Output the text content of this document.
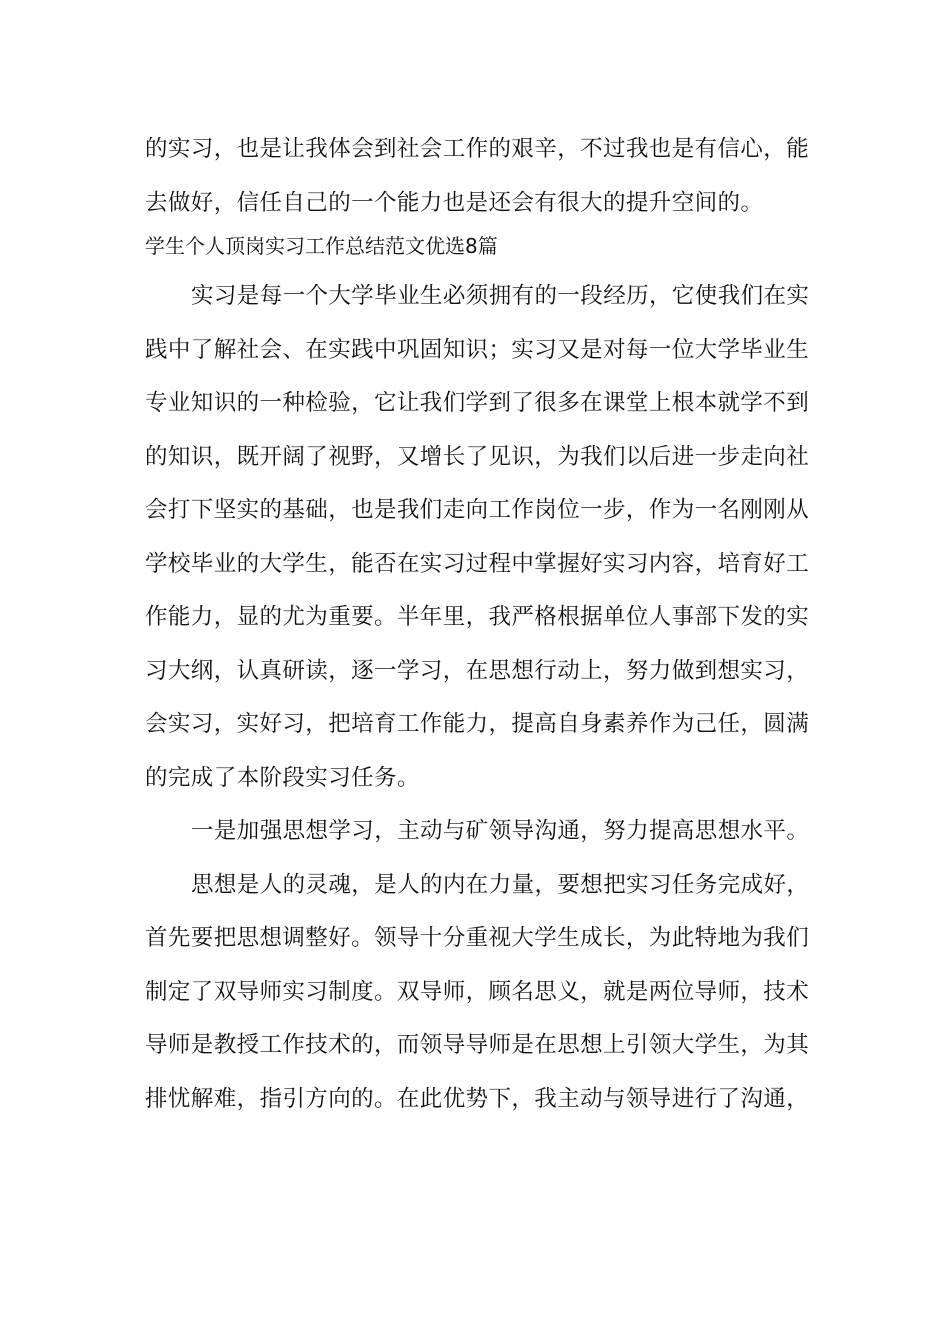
的实习，也是让我体会到社会工作的艰辛，不过我也是有信心，能
去做好，信任自己的一个能力也是还会有很大的提升空间的。
学生个人顶岗实习工作总结范文优选8篇
实习是每一个大学毕业生必须拥有的一段经历，它使我们在实
践中了解社会、在实践中巩固知识；实习又是对每一位大学毕业生
专业知识的一种检验，它让我们学到了很多在课堂上根本就学不到
的知识，既开阔了视野，又增长了见识，为我们以后进一步走向社
会打下坚实的基础，也是我们走向工作岗位一步，作为一名刚刚从
学校毕业的大学生，能否在实习过程中掌握好实习内容，培育好工
作能力，显的尤为重要。半年里，我严格根据单位人事部下发的实
习大纲，认真研读，逐一学习，在思想行动上，努力做到想实习，
会实习，实好习，把培育工作能力，提高自身素养作为己任，圆满
的完成了本阶段实习任务。
一是加强思想学习，主动与矿领导沟通，努力提高思想水平。
思想是人的灵魂，是人的内在力量，要想把实习任务完成好，
首先要把思想调整好。领导十分重视大学生成长，为此特地为我们
制定了双导师实习制度。双导师，顾名思义，就是两位导师，技术
导师是教授工作技术的，而领导导师是在思想上引领大学生，为其
排忧解难，指引方向的。在此优势下，我主动与领导进行了沟通，
